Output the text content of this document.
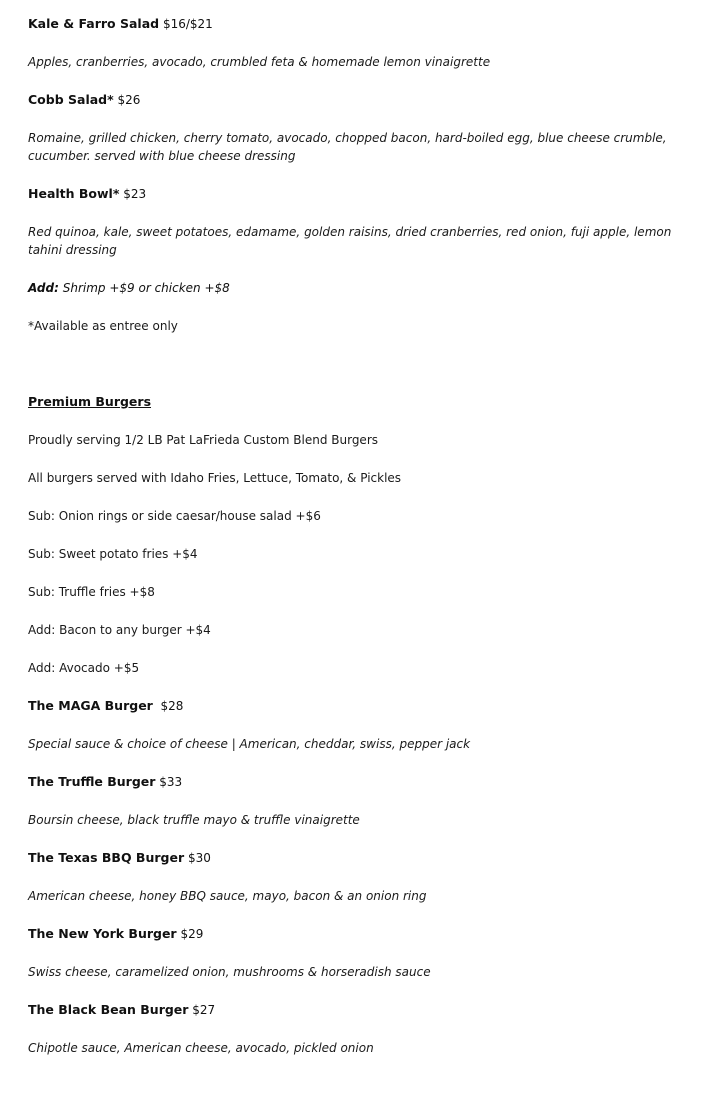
Kale & Farro Salad $16/$21

Apples, cranberries, avocado, crumbled feta & homemade lemon vinaigrette

Cobb Salad* $26

Romaine, grilled chicken, cherry tomato, avocado, chopped bacon, hard-boiled egg, blue cheese crumble, cucumber. served with blue cheese dressing

Health Bowl* $23

Red quinoa, kale, sweet potatoes, edamame, golden raisins, dried cranberries, red onion, fuji apple, lemon tahini dressing

Add: Shrimp +$9 or chicken +$8

*Available as entree only

Premium Burgers

Proudly serving 1/2 LB Pat LaFrieda Custom Blend Burgers

All burgers served with Idaho Fries, Lettuce, Tomato, & Pickles

Sub: Onion rings or side caesar/house salad +$6

Sub: Sweet potato fries +$4

Sub: Truffle fries +$8

Add: Bacon to any burger +$4

Add: Avocado +$5

The MAGA Burger $28

Special sauce & choice of cheese | American, cheddar, swiss, pepper jack

The Truffle Burger $33

Boursin cheese, black truffle mayo & truffle vinaigrette

The Texas BBQ Burger $30

American cheese, honey BBQ sauce, mayo, bacon & an onion ring

The New York Burger $29

Swiss cheese, caramelized onion, mushrooms & horseradish sauce

The Black Bean Burger $27

Chipotle sauce, American cheese, avocado, pickled onion
